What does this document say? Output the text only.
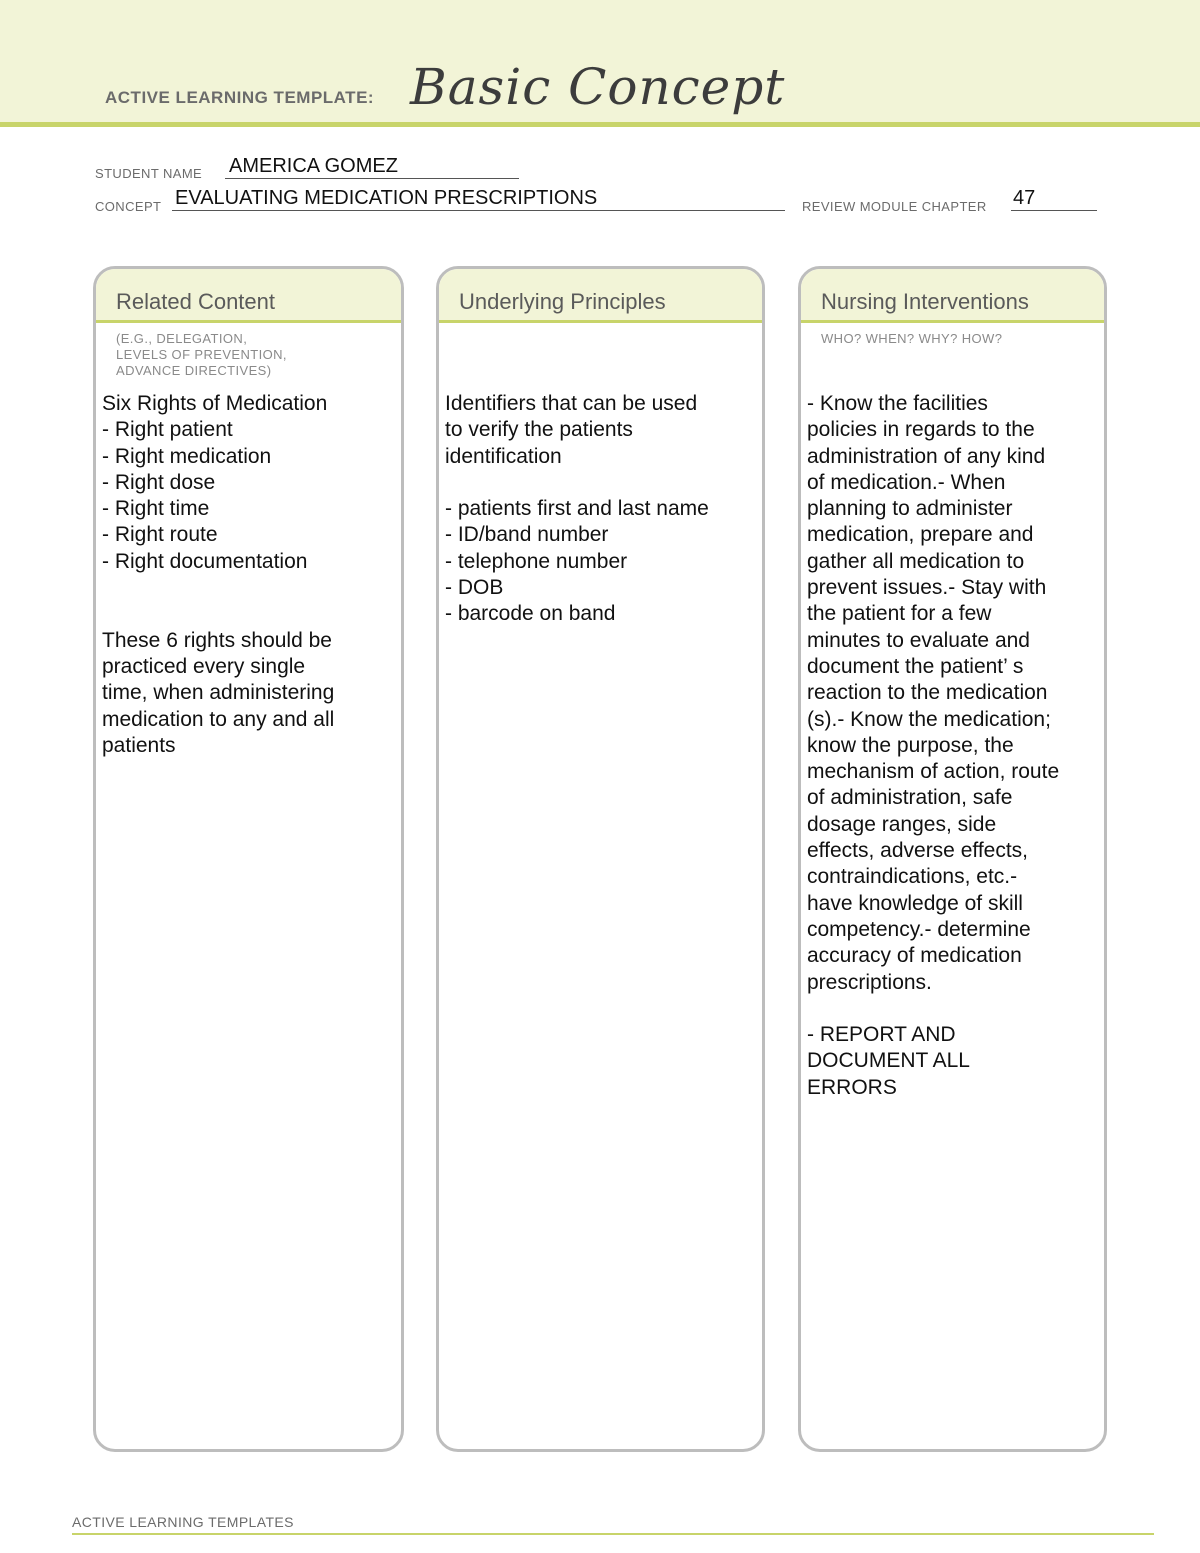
ACTIVE LEARNING TEMPLATE: Basic Concept
STUDENT NAME AMERICA GOMEZ
CONCEPT EVALUATING MEDICATION PRESCRIPTIONS	REVIEW MODULE CHAPTER 47
Related Content
(E.G., DELEGATION,
LEVELS OF PREVENTION,
ADVANCE DIRECTIVES)
Six Rights of Medication
- Right patient
- Right medication
- Right dose
- Right time
- Right route
- Right documentation

These 6 rights should be
practiced every single
time, when administering
medication to any and all
patients
Underlying Principles
Identifiers that can be used
to verify the patients
identification

- patients first and last name
- ID/band number
- telephone number
- DOB
- barcode on band
Nursing Interventions
WHO? WHEN? WHY? HOW?
- Know the facilities
policies in regards to the
administration of any kind
of medication.- When
planning to administer
medication, prepare and
gather all medication to
prevent issues.- Stay with
the patient for a few
minutes to evaluate and
document the patient’ s
reaction to the medication
(s).- Know the medication;
know the purpose, the
mechanism of action, route
of administration, safe
dosage ranges, side
effects, adverse effects,
contraindications, etc.-
have knowledge of skill
competency.- determine
accuracy of medication
prescriptions.

- REPORT AND
DOCUMENT ALL
ERRORS
ACTIVE LEARNING TEMPLATES
